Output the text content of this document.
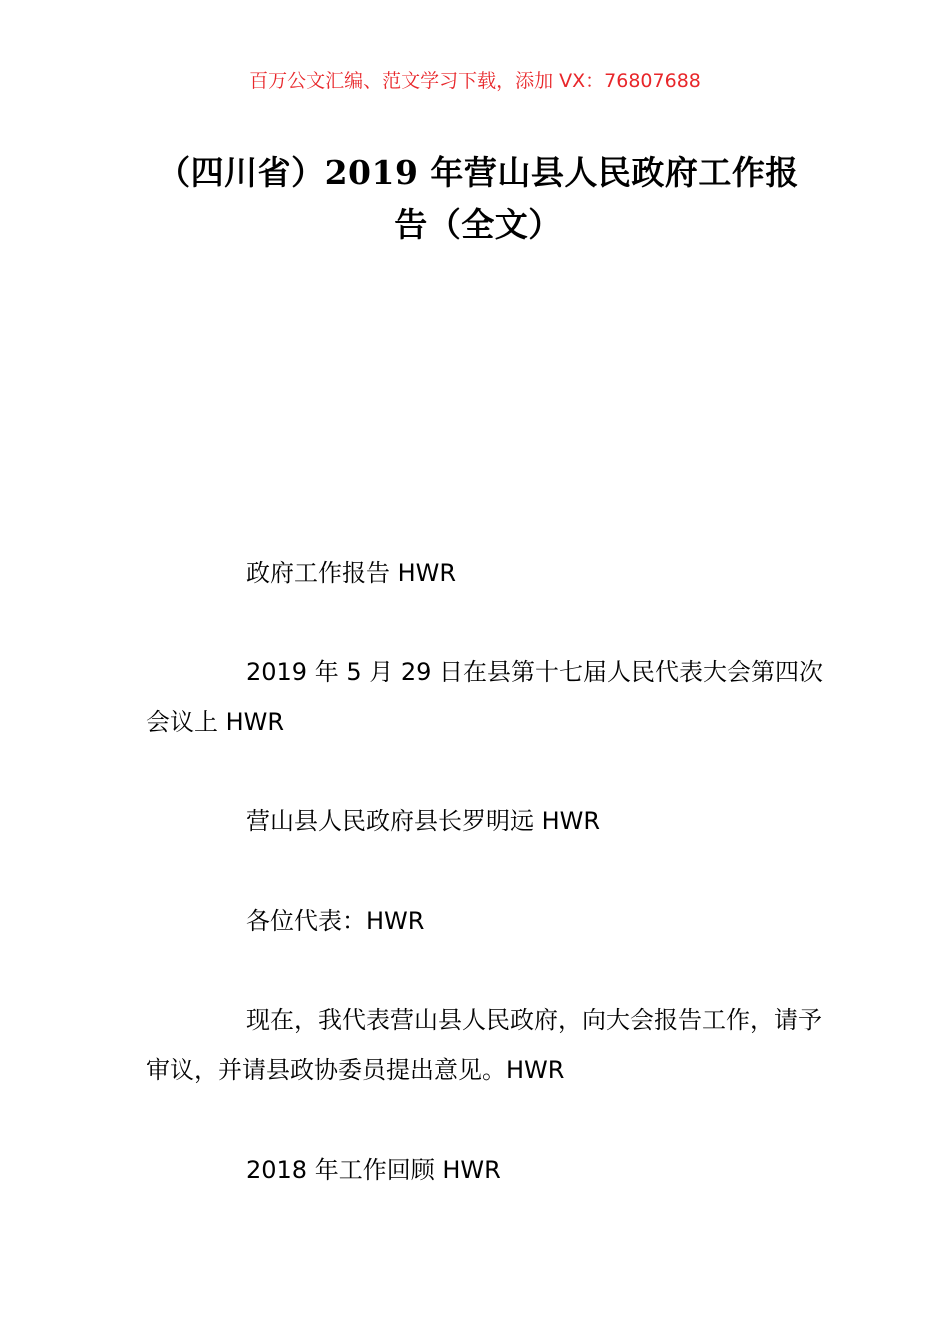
百万公文汇编、范文学习下载，添加 VX：76807688
（四川省）2019 年营山县人民政府工作报告（全文）

政府工作报告 HWR

2019 年 5 月 29 日在县第十七届人民代表大会第四次会议上 HWR

营山县人民政府县长罗明远 HWR

各位代表：HWR

现在，我代表营山县人民政府，向大会报告工作，请予审议，并请县政协委员提出意见。HWR

2018 年工作回顾 HWR
